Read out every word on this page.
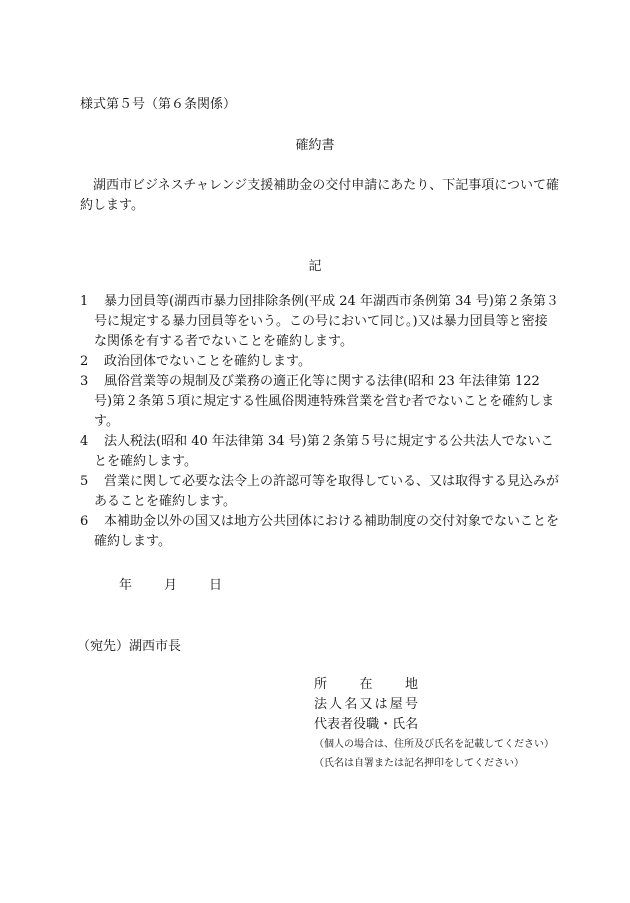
様式第５号（第６条関係）
確約書
湖西市ビジネスチャレンジ支援補助金の交付申請にあたり、下記事項について確約します。
記
1	暴力団員等(湖西市暴力団排除条例(平成 24 年湖西市条例第 34 号)第２条第３号に規定する暴力団員等をいう。この号において同じ。)又は暴力団員等と密接な関係を有する者でないことを確約します。
2	政治団体でないことを確約します。
3	風俗営業等の規制及び業務の適正化等に関する法律(昭和 23 年法律第 122 号)第２条第５項に規定する性風俗関連特殊営業を営む者でないことを確約します。
4	法人税法(昭和 40 年法律第 34 号)第２条第５号に規定する公共法人でないことを確約します。
5	営業に関して必要な法令上の許認可等を取得している、又は取得する見込みがあることを確約します。
6	本補助金以外の国又は地方公共団体における補助制度の交付対象でないことを確約します。
年 月 日
（宛先）湖西市長
所 在 地
法 人 名 又 は 屋 号
代 表 者 役 職 ・ 氏 名
（個人の場合は、住所及び氏名を記載してください）
（氏名は自署または記名押印をしてください）
